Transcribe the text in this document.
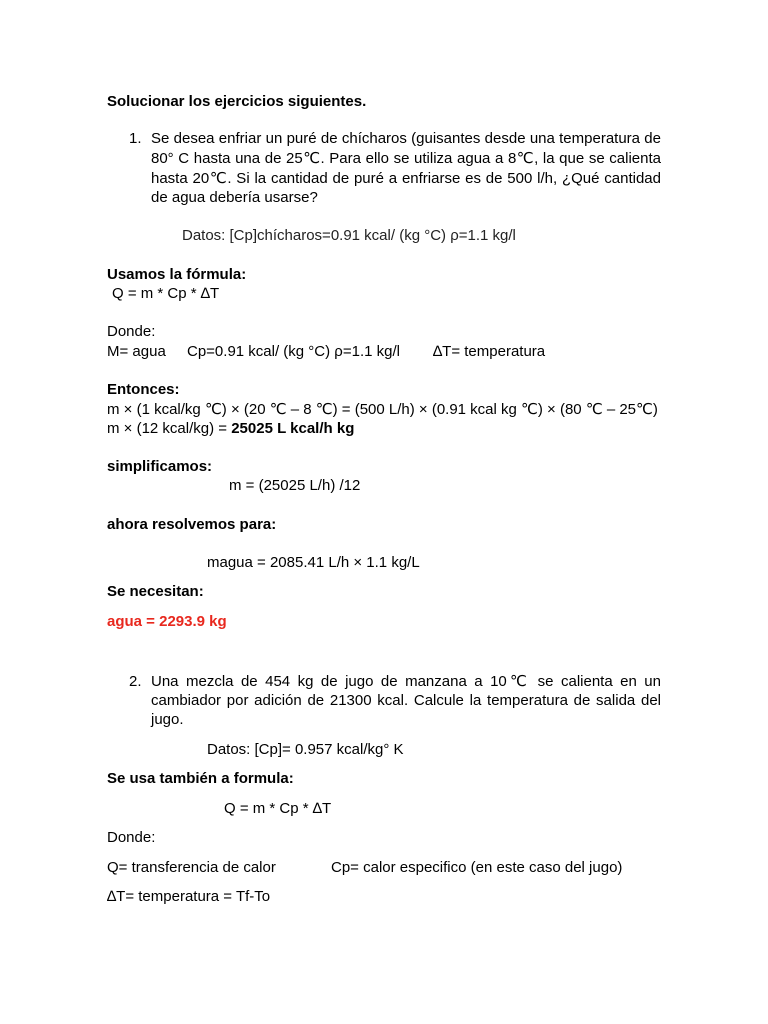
Solucionar los ejercicios siguientes.
1. Se desea enfriar un puré de chícharos (guisantes desde una temperatura de
80° C hasta una de 25℃. Para ello se utiliza agua a 8℃, la que se calienta
hasta 20℃. Si la cantidad de puré a enfriarse es de 500 l/h, ¿Qué cantidad
de agua debería usarse?
Datos: [Cp]chícharos=0.91 kcal/ (kg °C) ρ=1.1 kg/l
Usamos la fórmula:
Q = m * Cp * ∆T
Donde:
M= agua Cp=0.91 kcal/ (kg °C) ρ=1.1 kg/l ∆T= temperatura
Entonces:
m × (1 kcal/kg ℃) × (20 ℃ – 8 ℃) = (500 L/h) × (0.91 kcal kg ℃) × (80 ℃ – 25℃)
m × (12 kcal/kg) = 25025 L kcal/h kg
simplificamos:
m = (25025 L/h) /12
ahora resolvemos para:
magua = 2085.41 L/h × 1.1 kg/L
Se necesitan:
agua = 2293.9 kg
2. Una mezcla de 454 kg de jugo de manzana a 10℃ se calienta en un
cambiador por adición de 21300 kcal. Calcule la temperatura de salida del
jugo.
Datos: [Cp]= 0.957 kcal/kg° K
Se usa también a formula:
Q = m * Cp * ∆T
Donde:
Q= transferencia de calor	Cp= calor especifico (en este caso del jugo)
∆T= temperatura = Tf-To
